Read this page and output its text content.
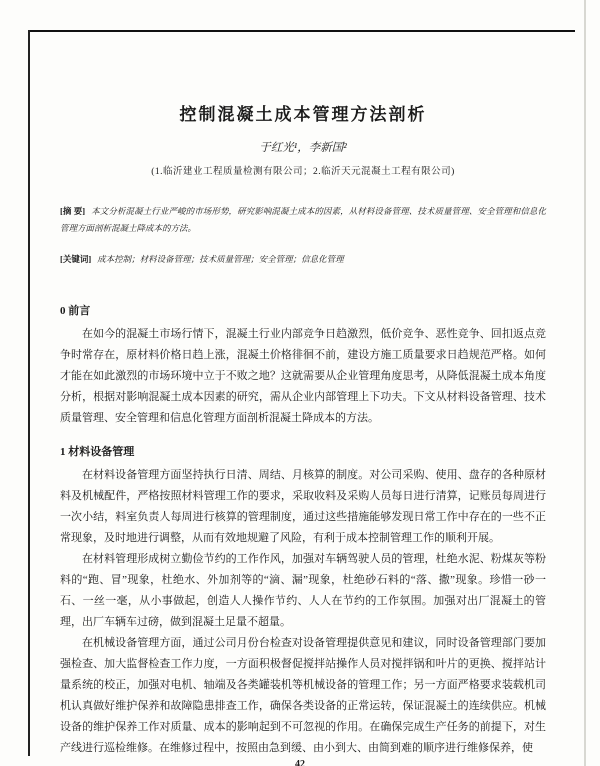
控制混凝土成本管理方法剖析
于红光¹，李新国²
(1.临沂建业工程质量检测有限公司；2.临沂天元混凝土工程有限公司)

[摘 要] 本文分析混凝土行业严峻的市场形势，研究影响混凝土成本的因素，从材料设备管理、技术质量管理、安全管理和信息化管理方面剖析混凝土降成本的方法。

[关键词] 成本控制；材料设备管理；技术质量管理；安全管理；信息化管理

0 前言

在如今的混凝土市场行情下，混凝土行业内部竞争日趋激烈，低价竞争、恶性竞争、回扣返点竞争时常存在，原材料价格日趋上涨，混凝土价格徘徊不前，建设方施工质量要求日趋规范严格。如何才能在如此激烈的市场环境中立于不败之地？这就需要从企业管理角度思考，从降低混凝土成本角度分析，根据对影响混凝土成本因素的研究，需从企业内部管理上下功夫。下文从材料设备管理、技术质量管理、安全管理和信息化管理方面剖析混凝土降成本的方法。

1 材料设备管理

在材料设备管理方面坚持执行日清、周结、月核算的制度。对公司采购、使用、盘存的各种原材料及机械配件，严格按照材料管理工作的要求，采取收料及采购人员每日进行清算，记账员每周进行一次小结，料室负责人每周进行核算的管理制度，通过这些措施能够发现日常工作中存在的一些不正常现象，及时地进行调整，从而有效地规避了风险，有利于成本控制管理工作的顺利开展。

在材料管理形成树立勤俭节约的工作作风，加强对车辆驾驶人员的管理，杜绝水泥、粉煤灰等粉料的“跑、冒”现象，杜绝水、外加剂等的“滴、漏”现象，杜绝砂石料的“落、撒”现象。珍惜一砂一石、一丝一毫，从小事做起，创造人人操作节约、人人在节约的工作氛围。加强对出厂混凝土的管理，出厂车辆车过磅，做到混凝土足量不超量。

在机械设备管理方面，通过公司月份台检查对设备管理提供意见和建议，同时设备管理部门要加强检查、加大监督检查工作力度，一方面积极督促搅拌站操作人员对搅拌锅和叶片的更换、搅拌站计量系统的校正，加强对电机、轴端及各类罐装机等机械设备的管理工作；另一方面严格要求装载机司机认真做好维护保养和故障隐患排查工作，确保各类设备的正常运转，保证混凝土的连续供应。机械设备的维护保养工作对质量、成本的影响起到不可忽视的作用。在确保完成生产任务的前提下，对生产线进行巡检维修。在维修过程中，按照由急到缓、由小到大、由简到难的顺序进行维修保养，使

42
